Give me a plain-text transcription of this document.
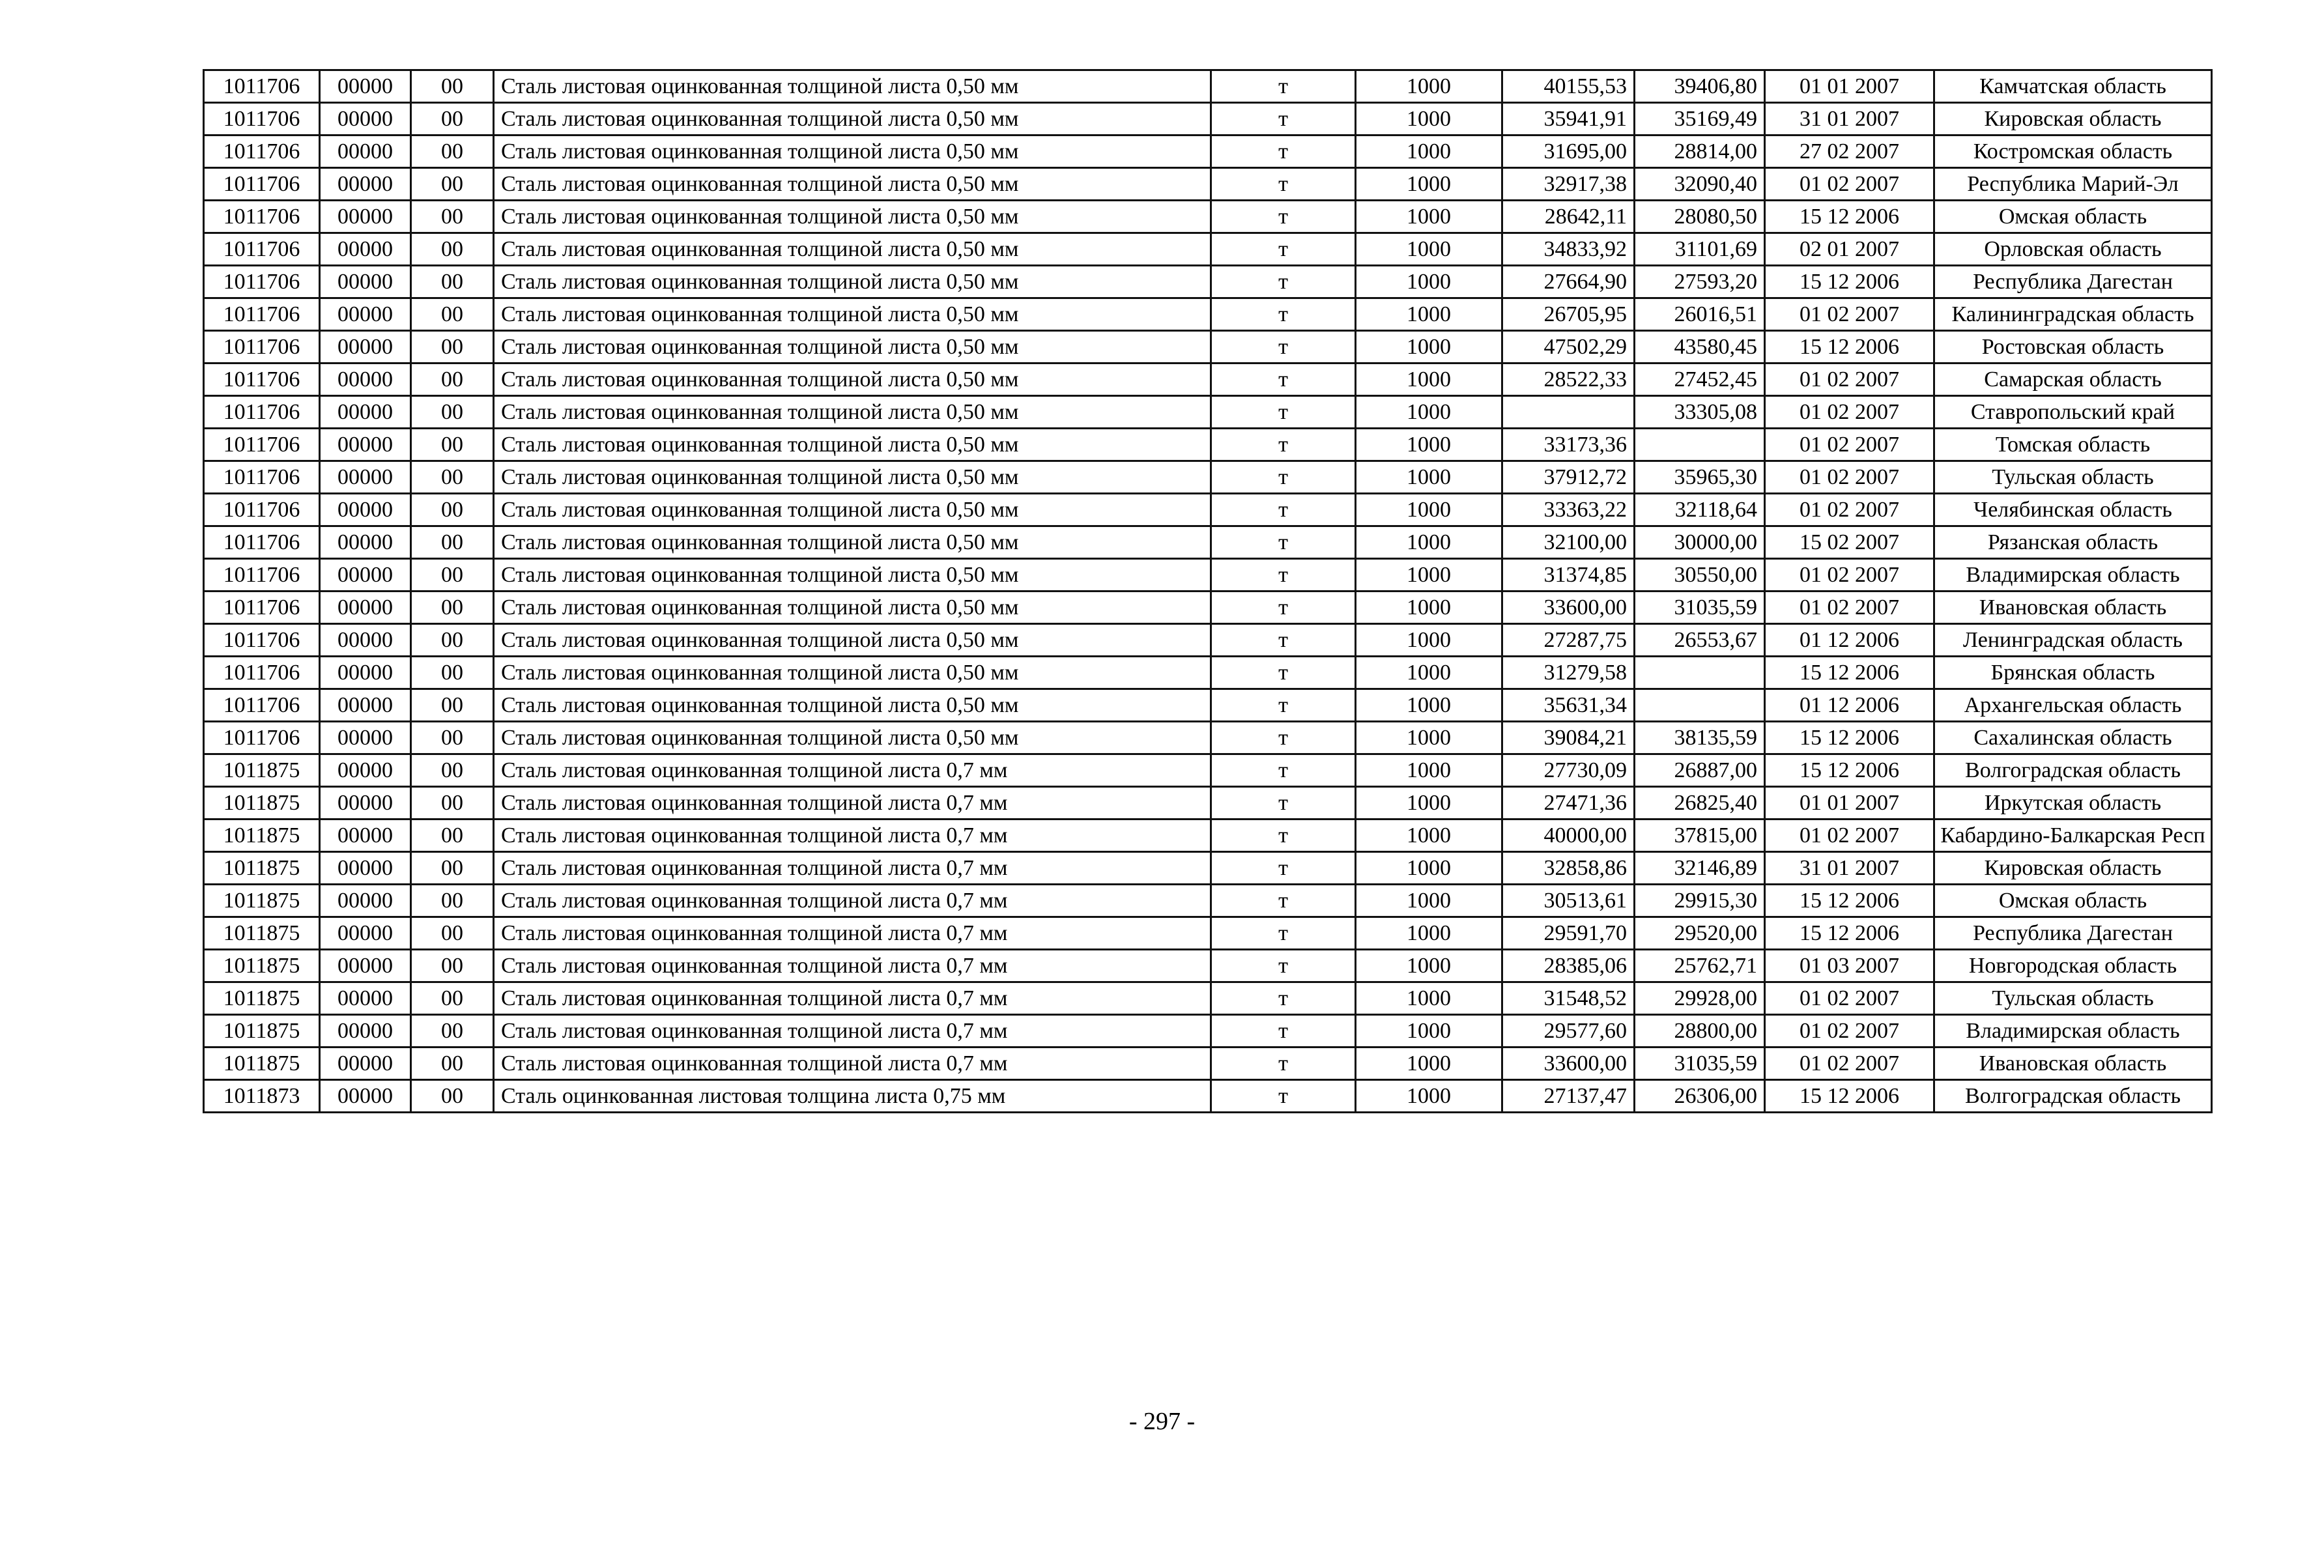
1011706	00000	00	Сталь листовая оцинкованная толщиной листа 0,50 мм	т	1000	40155,53	39406,80	01 01 2007	Камчатская область
1011706	00000	00	Сталь листовая оцинкованная толщиной листа 0,50 мм	т	1000	35941,91	35169,49	31 01 2007	Кировская область
1011706	00000	00	Сталь листовая оцинкованная толщиной листа 0,50 мм	т	1000	31695,00	28814,00	27 02 2007	Костромская область
1011706	00000	00	Сталь листовая оцинкованная толщиной листа 0,50 мм	т	1000	32917,38	32090,40	01 02 2007	Республика Марий-Эл
1011706	00000	00	Сталь листовая оцинкованная толщиной листа 0,50 мм	т	1000	28642,11	28080,50	15 12 2006	Омская область
1011706	00000	00	Сталь листовая оцинкованная толщиной листа 0,50 мм	т	1000	34833,92	31101,69	02 01 2007	Орловская область
1011706	00000	00	Сталь листовая оцинкованная толщиной листа 0,50 мм	т	1000	27664,90	27593,20	15 12 2006	Республика Дагестан
1011706	00000	00	Сталь листовая оцинкованная толщиной листа 0,50 мм	т	1000	26705,95	26016,51	01 02 2007	Калининградская область
1011706	00000	00	Сталь листовая оцинкованная толщиной листа 0,50 мм	т	1000	47502,29	43580,45	15 12 2006	Ростовская область
1011706	00000	00	Сталь листовая оцинкованная толщиной листа 0,50 мм	т	1000	28522,33	27452,45	01 02 2007	Самарская область
1011706	00000	00	Сталь листовая оцинкованная толщиной листа 0,50 мм	т	1000		33305,08	01 02 2007	Ставропольский край
1011706	00000	00	Сталь листовая оцинкованная толщиной листа 0,50 мм	т	1000	33173,36		01 02 2007	Томская область
1011706	00000	00	Сталь листовая оцинкованная толщиной листа 0,50 мм	т	1000	37912,72	35965,30	01 02 2007	Тульская область
1011706	00000	00	Сталь листовая оцинкованная толщиной листа 0,50 мм	т	1000	33363,22	32118,64	01 02 2007	Челябинская область
1011706	00000	00	Сталь листовая оцинкованная толщиной листа 0,50 мм	т	1000	32100,00	30000,00	15 02 2007	Рязанская область
1011706	00000	00	Сталь листовая оцинкованная толщиной листа 0,50 мм	т	1000	31374,85	30550,00	01 02 2007	Владимирская область
1011706	00000	00	Сталь листовая оцинкованная толщиной листа 0,50 мм	т	1000	33600,00	31035,59	01 02 2007	Ивановская область
1011706	00000	00	Сталь листовая оцинкованная толщиной листа 0,50 мм	т	1000	27287,75	26553,67	01 12 2006	Ленинградская область
1011706	00000	00	Сталь листовая оцинкованная толщиной листа 0,50 мм	т	1000	31279,58		15 12 2006	Брянская область
1011706	00000	00	Сталь листовая оцинкованная толщиной листа 0,50 мм	т	1000	35631,34		01 12 2006	Архангельская область
1011706	00000	00	Сталь листовая оцинкованная толщиной листа 0,50 мм	т	1000	39084,21	38135,59	15 12 2006	Сахалинская область
1011875	00000	00	Сталь листовая оцинкованная толщиной листа 0,7 мм	т	1000	27730,09	26887,00	15 12 2006	Волгоградская область
1011875	00000	00	Сталь листовая оцинкованная толщиной листа 0,7 мм	т	1000	27471,36	26825,40	01 01 2007	Иркутская область
1011875	00000	00	Сталь листовая оцинкованная толщиной листа 0,7 мм	т	1000	40000,00	37815,00	01 02 2007	Кабардино-Балкарская Респ
1011875	00000	00	Сталь листовая оцинкованная толщиной листа 0,7 мм	т	1000	32858,86	32146,89	31 01 2007	Кировская область
1011875	00000	00	Сталь листовая оцинкованная толщиной листа 0,7 мм	т	1000	30513,61	29915,30	15 12 2006	Омская область
1011875	00000	00	Сталь листовая оцинкованная толщиной листа 0,7 мм	т	1000	29591,70	29520,00	15 12 2006	Республика Дагестан
1011875	00000	00	Сталь листовая оцинкованная толщиной листа 0,7 мм	т	1000	28385,06	25762,71	01 03 2007	Новгородская область
1011875	00000	00	Сталь листовая оцинкованная толщиной листа 0,7 мм	т	1000	31548,52	29928,00	01 02 2007	Тульская область
1011875	00000	00	Сталь листовая оцинкованная толщиной листа 0,7 мм	т	1000	29577,60	28800,00	01 02 2007	Владимирская область
1011875	00000	00	Сталь листовая оцинкованная толщиной листа 0,7 мм	т	1000	33600,00	31035,59	01 02 2007	Ивановская область
1011873	00000	00	Сталь оцинкованная листовая толщина листа 0,75 мм	т	1000	27137,47	26306,00	15 12 2006	Волгоградская область
- 297 -
